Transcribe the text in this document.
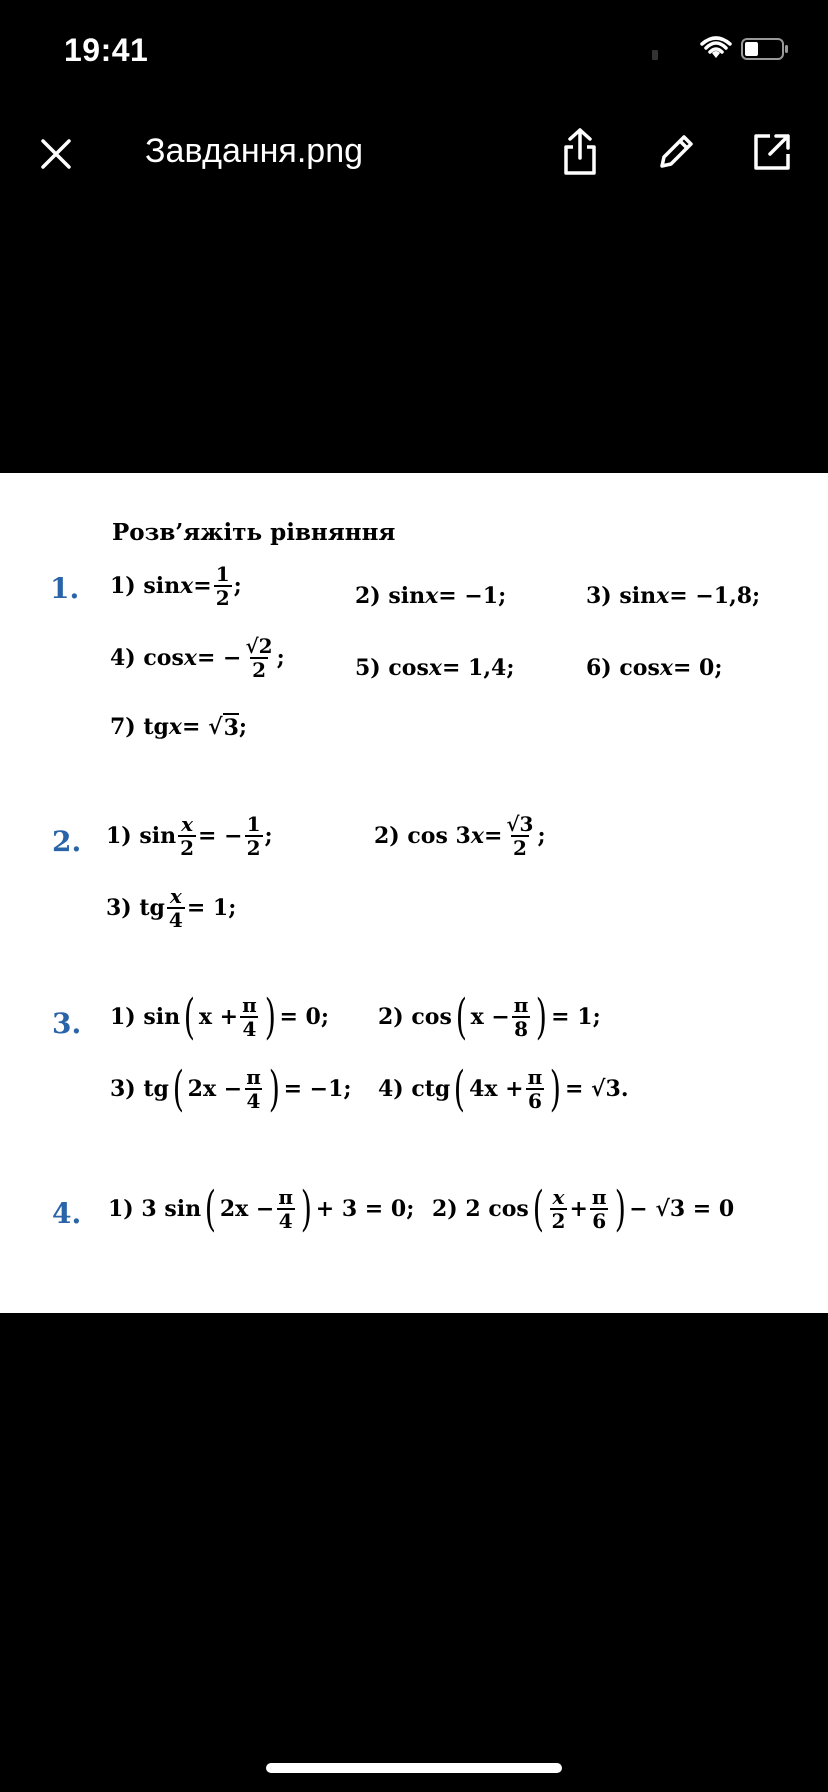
19:41
Завдання.png
Розв’яжіть рівняння
1. 1) $\sin x = \frac{1}{2}$ ;	2) sin x = −1;	3) sin x = −1,8;
4) cos x = − $\frac{√2}{2}$ ;	5) cos x = 1,4;	6) cos x = 0;
7) tg x = √ 3 ;
2. 1) $\sin \frac{x}{2}$ = − $\frac{1}{2}$ ;	2) cos 3 $x = \frac{√3}{2}$ ;
3) tg $\frac{x}{4} = 1$;
3. 1) sin ( $x + \frac{\pi}{4}$ ) = 0; 2) cos ( $x - \frac{\pi}{8}$ ) = 1;
3) tg ( $2x - \frac{\pi}{4}$ ) = −1; 4) ctg ( $4x + \frac{\pi}{6}$ ) = √3.
4. 1) 3 sin ( $2x - \frac{\pi}{4}$ ) + 3 = 0; 2) 2 cos ( $\frac{x}{2} + \frac{\pi}{6}$ ) − √3 = 0
